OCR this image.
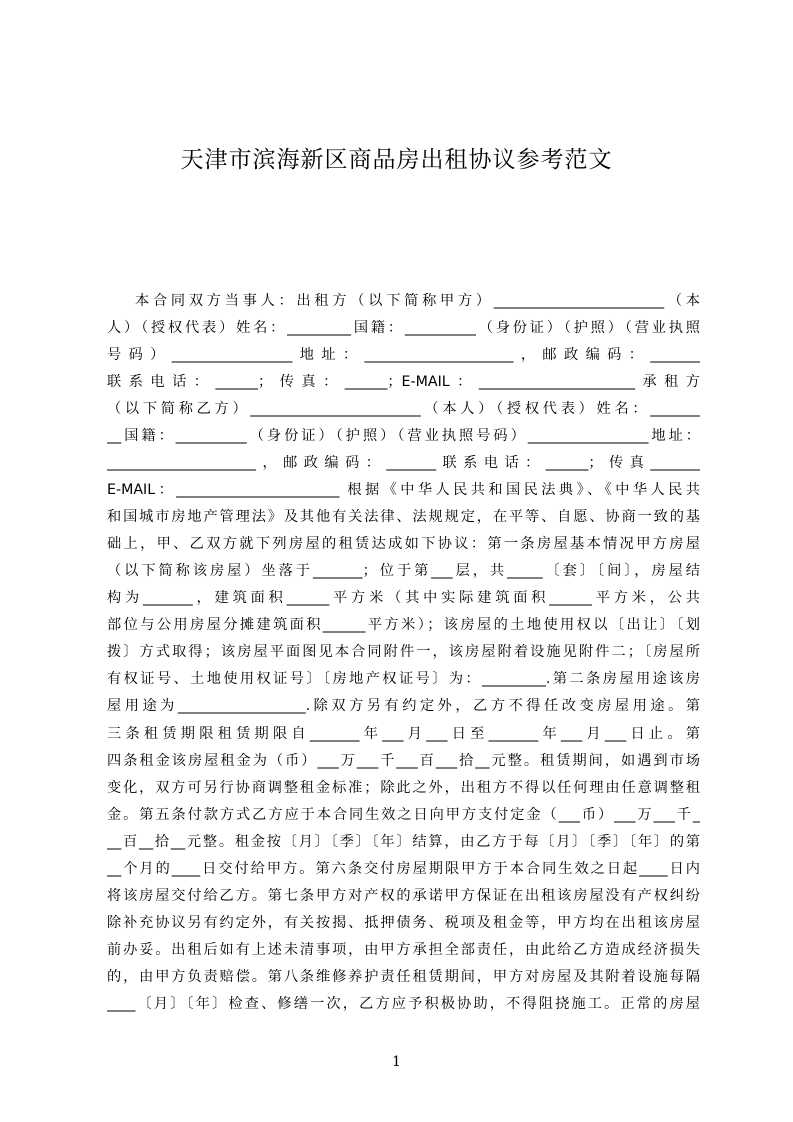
天津市滨海新区商品房出租协议参考范文
本合同双方当事人：出租方（以下简称甲方）________________________（本
人）（授权代表）姓名：_________国籍：__________（身份证）（护照）（营业执照
号码）_________________地址：_____________________，邮政编码：_______
联系电话：______；传真：______；E-MAIL：______________________承租方
（以下简称乙方）________________________（本人）（授权代表）姓名：_______
__国籍：__________（身份证）（护照）（营业执照号码）_________________地址：
_____________________，邮政编码：_______联系电话：______；传真_______
E-MAIL：_______________________ 根据《中华人民共和国民法典》、《中华人民共
和国城市房地产管理法》及其他有关法律、法规规定，在平等、自愿、协商一致的基
础上，甲、乙双方就下列房屋的租赁达成如下协议：第一条房屋基本情况甲方房屋
（以下简称该房屋）坐落于_______；位于第___层，共_____〔套〕〔间〕，房屋结
构为_______，建筑面积______平方米（其中实际建筑面积______平方米，公共
部位与公用房屋分摊建筑面积______平方米）；该房屋的土地使用权以〔出让〕〔划
拨〕方式取得；该房屋平面图见本合同附件一，该房屋附着设施见附件二；〔房屋所
有权证号、土地使用权证号〕〔房地产权证号〕为：_________.第二条房屋用途该房
屋用途为__________________.除双方另有约定外，乙方不得任改变房屋用途。第
三条租赁期限租赁期限自_______年___月___日至_______年___月___日止。第
四条租金该房屋租金为（币）___万___千___百___拾__元整。租赁期间，如遇到市场
变化，双方可另行协商调整租金标准；除此之外，出租方不得以任何理由任意调整租
金。第五条付款方式乙方应于本合同生效之日向甲方支付定金（___币）___万___千_
__百__拾__元整。租金按〔月〕〔季〕〔年〕结算，由乙方于每〔月〕〔季〕〔年〕的第
__个月的____日交付给甲方。第六条交付房屋期限甲方于本合同生效之日起____日内
将该房屋交付给乙方。第七条甲方对产权的承诺甲方保证在出租该房屋没有产权纠纷
除补充协议另有约定外，有关按揭、抵押债务、税项及租金等，甲方均在出租该房屋
前办妥。出租后如有上述未清事项，由甲方承担全部责任，由此给乙方造成经济损失
的，由甲方负责赔偿。第八条维修养护责任租赁期间，甲方对房屋及其附着设施每隔
____〔月〕〔年〕检查、修缮一次，乙方应予积极协助，不得阻挠施工。正常的房屋
1
